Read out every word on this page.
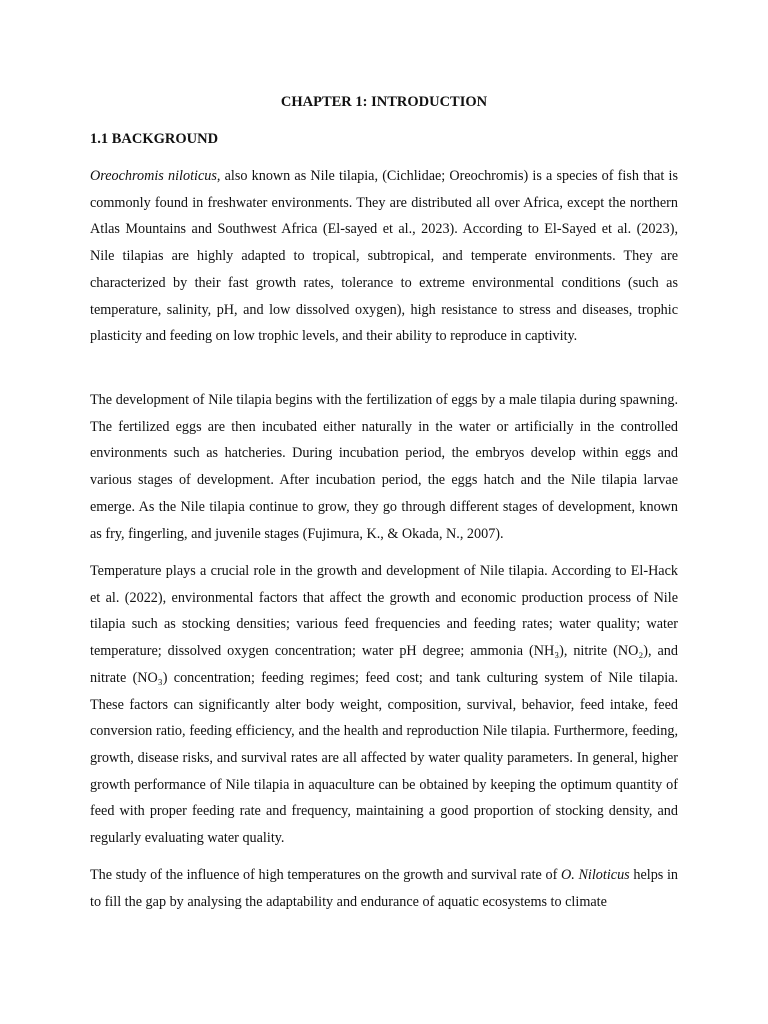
CHAPTER 1: INTRODUCTION
1.1 BACKGROUND

Oreochromis niloticus, also known as Nile tilapia, (Cichlidae; Oreochromis) is a species of fish that is commonly found in freshwater environments. They are distributed all over Africa, except the northern Atlas Mountains and Southwest Africa (El-sayed et al., 2023). According to El-Sayed et al. (2023), Nile tilapias are highly adapted to tropical, subtropical, and temperate environments. They are characterized by their fast growth rates, tolerance to extreme environmental conditions (such as temperature, salinity, pH, and low dissolved oxygen), high resistance to stress and diseases, trophic plasticity and feeding on low trophic levels, and their ability to reproduce in captivity.

The development of Nile tilapia begins with the fertilization of eggs by a male tilapia during spawning. The fertilized eggs are then incubated either naturally in the water or artificially in the controlled environments such as hatcheries. During incubation period, the embryos develop within eggs and various stages of development. After incubation period, the eggs hatch and the Nile tilapia larvae emerge. As the Nile tilapia continue to grow, they go through different stages of development, known as fry, fingerling, and juvenile stages (Fujimura, K., & Okada, N., 2007).

Temperature plays a crucial role in the growth and development of Nile tilapia. According to El-Hack et al. (2022), environmental factors that affect the growth and economic production process of Nile tilapia such as stocking densities; various feed frequencies and feeding rates; water quality; water temperature; dissolved oxygen concentration; water pH degree; ammonia (NH₃), nitrite (NO₂), and nitrate (NO₃) concentration; feeding regimes; feed cost; and tank culturing system of Nile tilapia. These factors can significantly alter body weight, composition, survival, behavior, feed intake, feed conversion ratio, feeding efficiency, and the health and reproduction Nile tilapia. Furthermore, feeding, growth, disease risks, and survival rates are all affected by water quality parameters. In general, higher growth performance of Nile tilapia in aquaculture can be obtained by keeping the optimum quantity of feed with proper feeding rate and frequency, maintaining a good proportion of stocking density, and regularly evaluating water quality.

The study of the influence of high temperatures on the growth and survival rate of O. Niloticus helps in to fill the gap by analysing the adaptability and endurance of aquatic ecosystems to climate
